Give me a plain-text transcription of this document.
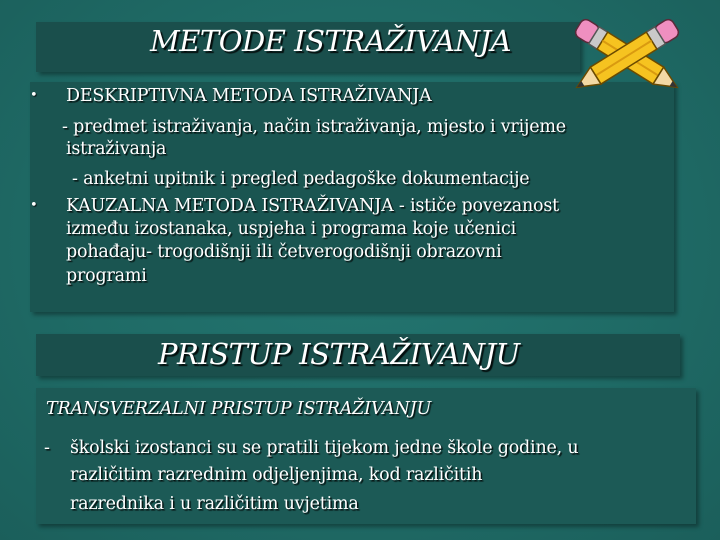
METODE ISTRAŽIVANJA
• DESKRIPTIVNA METODA ISTRAŽIVANJA
- predmet istraživanja, način istraživanja, mjesto i vrijeme
istraživanja
- anketni upitnik i pregled pedagoške dokumentacije
• KAUZALNA METODA ISTRAŽIVANJA - ističe povezanost
između izostanaka, uspjeha i programa koje učenici
pohađaju- trogodišnji ili četverogodišnji obrazovni
programi
PRISTUP ISTRAŽIVANJU
TRANSVERZALNI PRISTUP ISTRAŽIVANJU
- školski izostanci su se pratili tijekom jedne škole godine, u
različitim razrednim odjeljenjima, kod različitih
razrednika i u različitim uvjetima
